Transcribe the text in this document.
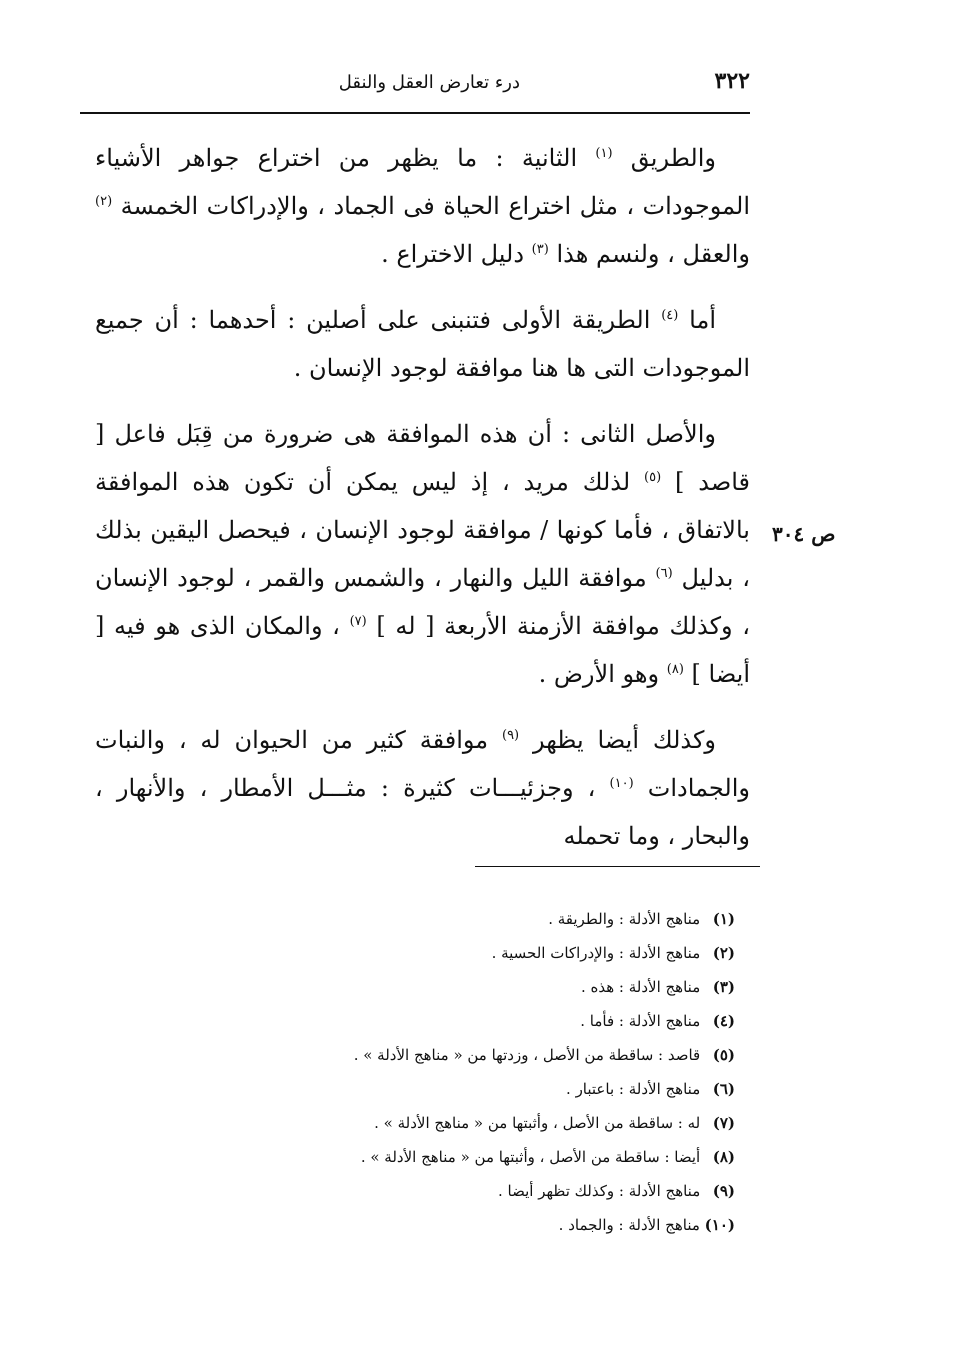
٣٢٢
درء تعارض العقل والنقل

والطريق $^{(١)}$ الثانية : ما يظهر من اختراع جواهر الأشياء الموجودات ، مثل اختراع الحياة فى الجماد ، والإدراكات الخمسة $^{(٢)}$ والعقل ، ولنسم هذا $^{(٣)}$ دليل الاختراع .

أما $^{(٤)}$ الطريقة الأولى فتنبنى على أصلين : أحدهما : أن جميع الموجودات التى ها هنا موافقة لوجود الإنسان .

والأصل الثانى : أن هذه الموافقة هى ضرورة من قِبَل فاعل [ قاصد ] $^{(٥)}$ لذلك مريد ، إذ ليس يمكن أن تكون هذه الموافقة بالاتفاق ، فأما كونها / موافقة لوجود الإنسان ، فيحصل اليقين بذلك ، بدليل $^{(٦)}$ موافقة الليل والنهار ، والشمس والقمر ، لوجود الإنسان ، وكذلك موافقة الأزمنة الأربعة [ له ] $^{(٧)}$ ، والمكان الذى هو فيه [ أيضا ] $^{(٨)}$ وهو الأرض .

وكذلك أيضا يظهر $^{(٩)}$ موافقة كثير من الحيوان له ، والنبات والجمادات $^{(١٠)}$ ، وجزئيـــات كثيرة : مثـــل الأمطار ، والأنهار ، والبحار ، وما تحمله

ص ٣٠٤
(١) مناهج الأدلة : والطريقة .
(٢) مناهج الأدلة : والإدراكات الحسية .
(٣) مناهج الأدلة : هذه .
(٤) مناهج الأدلة : فأما .
(٥) قاصد : ساقطة من الأصل ، وزدتها من « مناهج الأدلة » .
(٦) مناهج الأدلة : باعتبار .
(٧) له : ساقطة من الأصل ، وأثبتها من « مناهج الأدلة » .
(٨) أيضا : ساقطة من الأصل ، وأثبتها من « مناهج الأدلة » .
(٩) مناهج الأدلة : وكذلك تظهر أيضا .
(١٠) مناهج الأدلة : والجماد .
